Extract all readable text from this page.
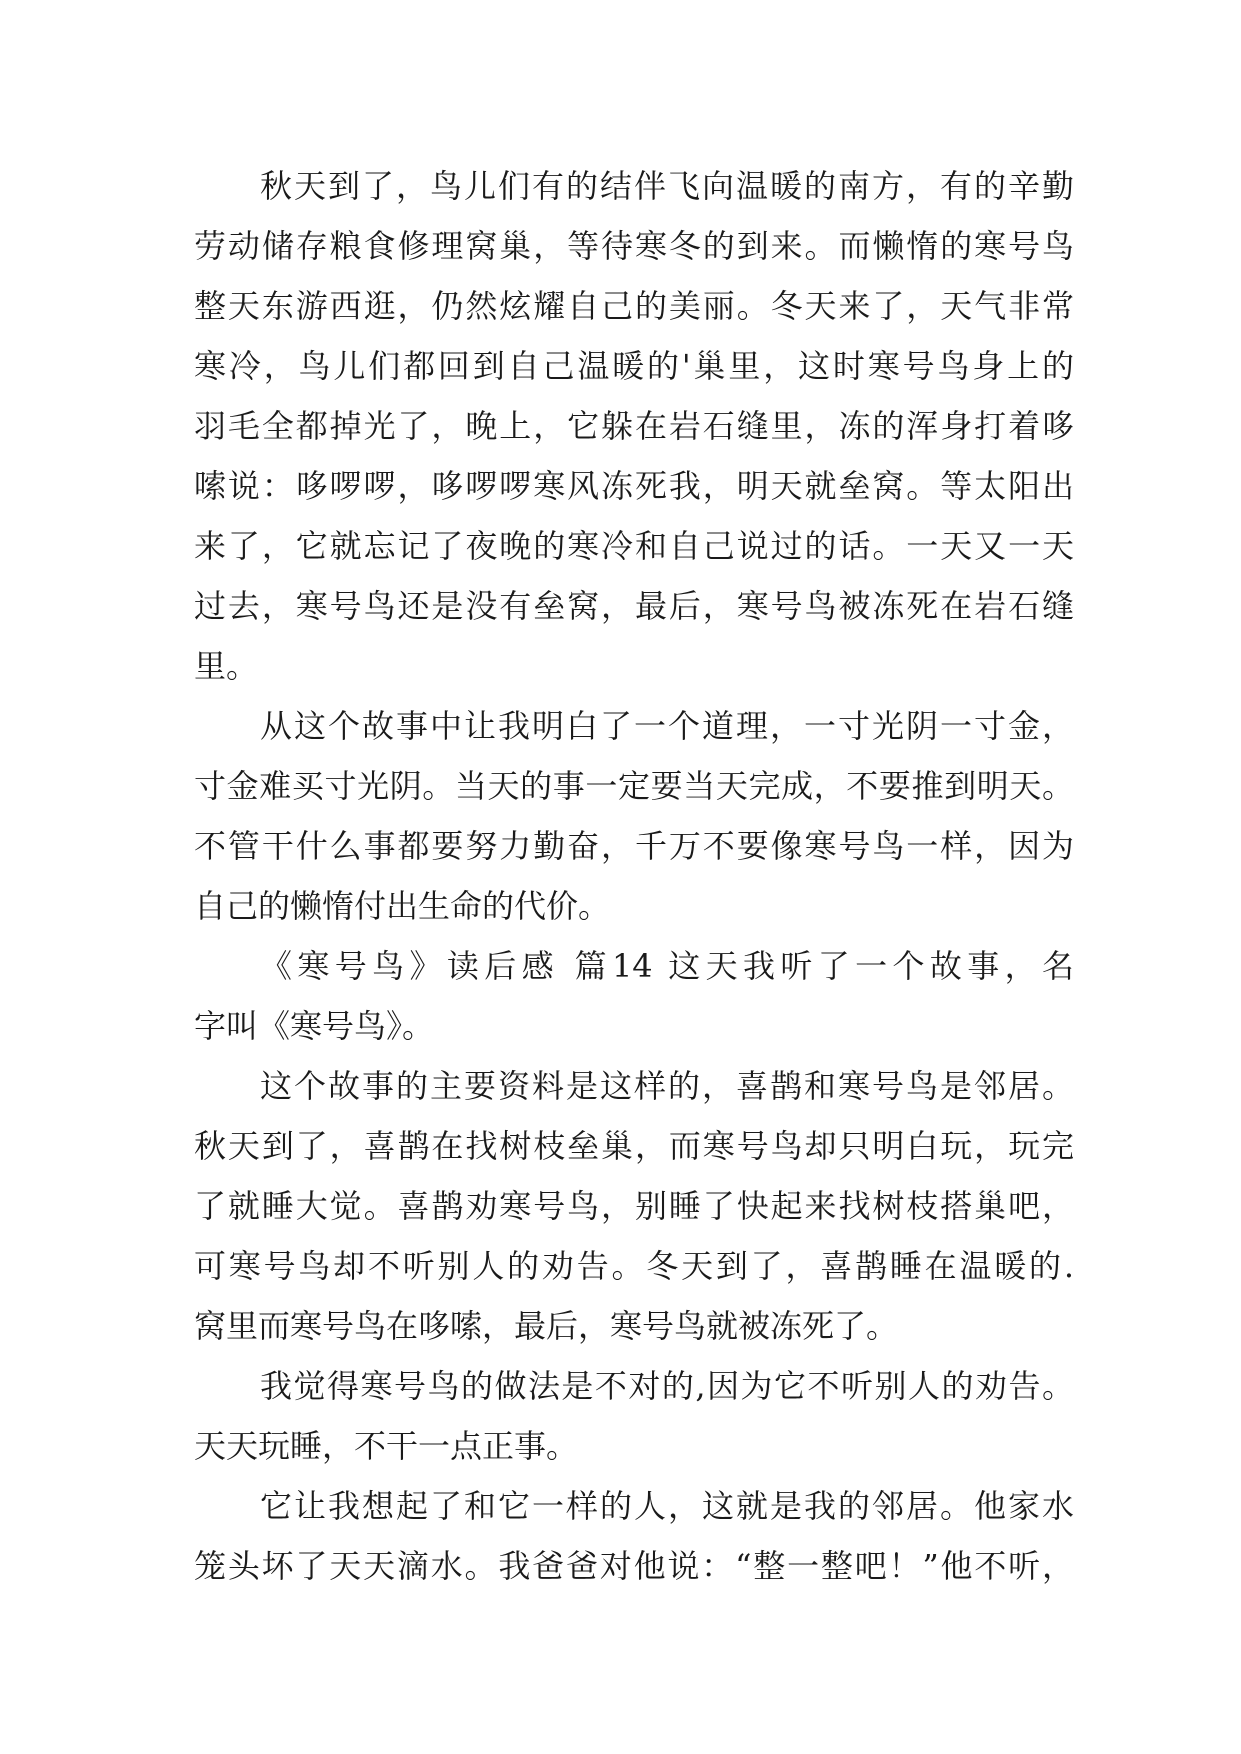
秋天到了，鸟儿们有的结伴飞向温暖的南方，有的辛勤
劳动储存粮食修理窝巢，等待寒冬的到来。而懒惰的寒号鸟
整天东游西逛，仍然炫耀自己的美丽。冬天来了，天气非常
寒冷，鸟儿们都回到自己温暖的'巢里，这时寒号鸟身上的
羽毛全都掉光了，晚上，它躲在岩石缝里，冻的浑身打着哆
嗦说：哆啰啰，哆啰啰寒风冻死我，明天就垒窝。等太阳出
来了，它就忘记了夜晚的寒冷和自己说过的话。一天又一天
过去，寒号鸟还是没有垒窝，最后，寒号鸟被冻死在岩石缝
里。
从这个故事中让我明白了一个道理，一寸光阴一寸金，
寸金难买寸光阴。当天的事一定要当天完成，不要推到明天。
不管干什么事都要努力勤奋，千万不要像寒号鸟一样，因为
自己的懒惰付出生命的代价。
《寒号鸟》读后感 篇14 这天我听了一个故事，名
字叫《寒号鸟》。
这个故事的主要资料是这样的，喜鹊和寒号鸟是邻居。
秋天到了，喜鹊在找树枝垒巢，而寒号鸟却只明白玩，玩完
了就睡大觉。喜鹊劝寒号鸟，别睡了快起来找树枝搭巢吧，
可寒号鸟却不听别人的劝告。冬天到了，喜鹊睡在温暖的.
窝里而寒号鸟在哆嗦，最后，寒号鸟就被冻死了。
我觉得寒号鸟的做法是不对的,因为它不听别人的劝告。
天天玩睡，不干一点正事。
它让我想起了和它一样的人，这就是我的邻居。他家水
笼头坏了天天滴水。我爸爸对他说：“整一整吧！”他不听，
